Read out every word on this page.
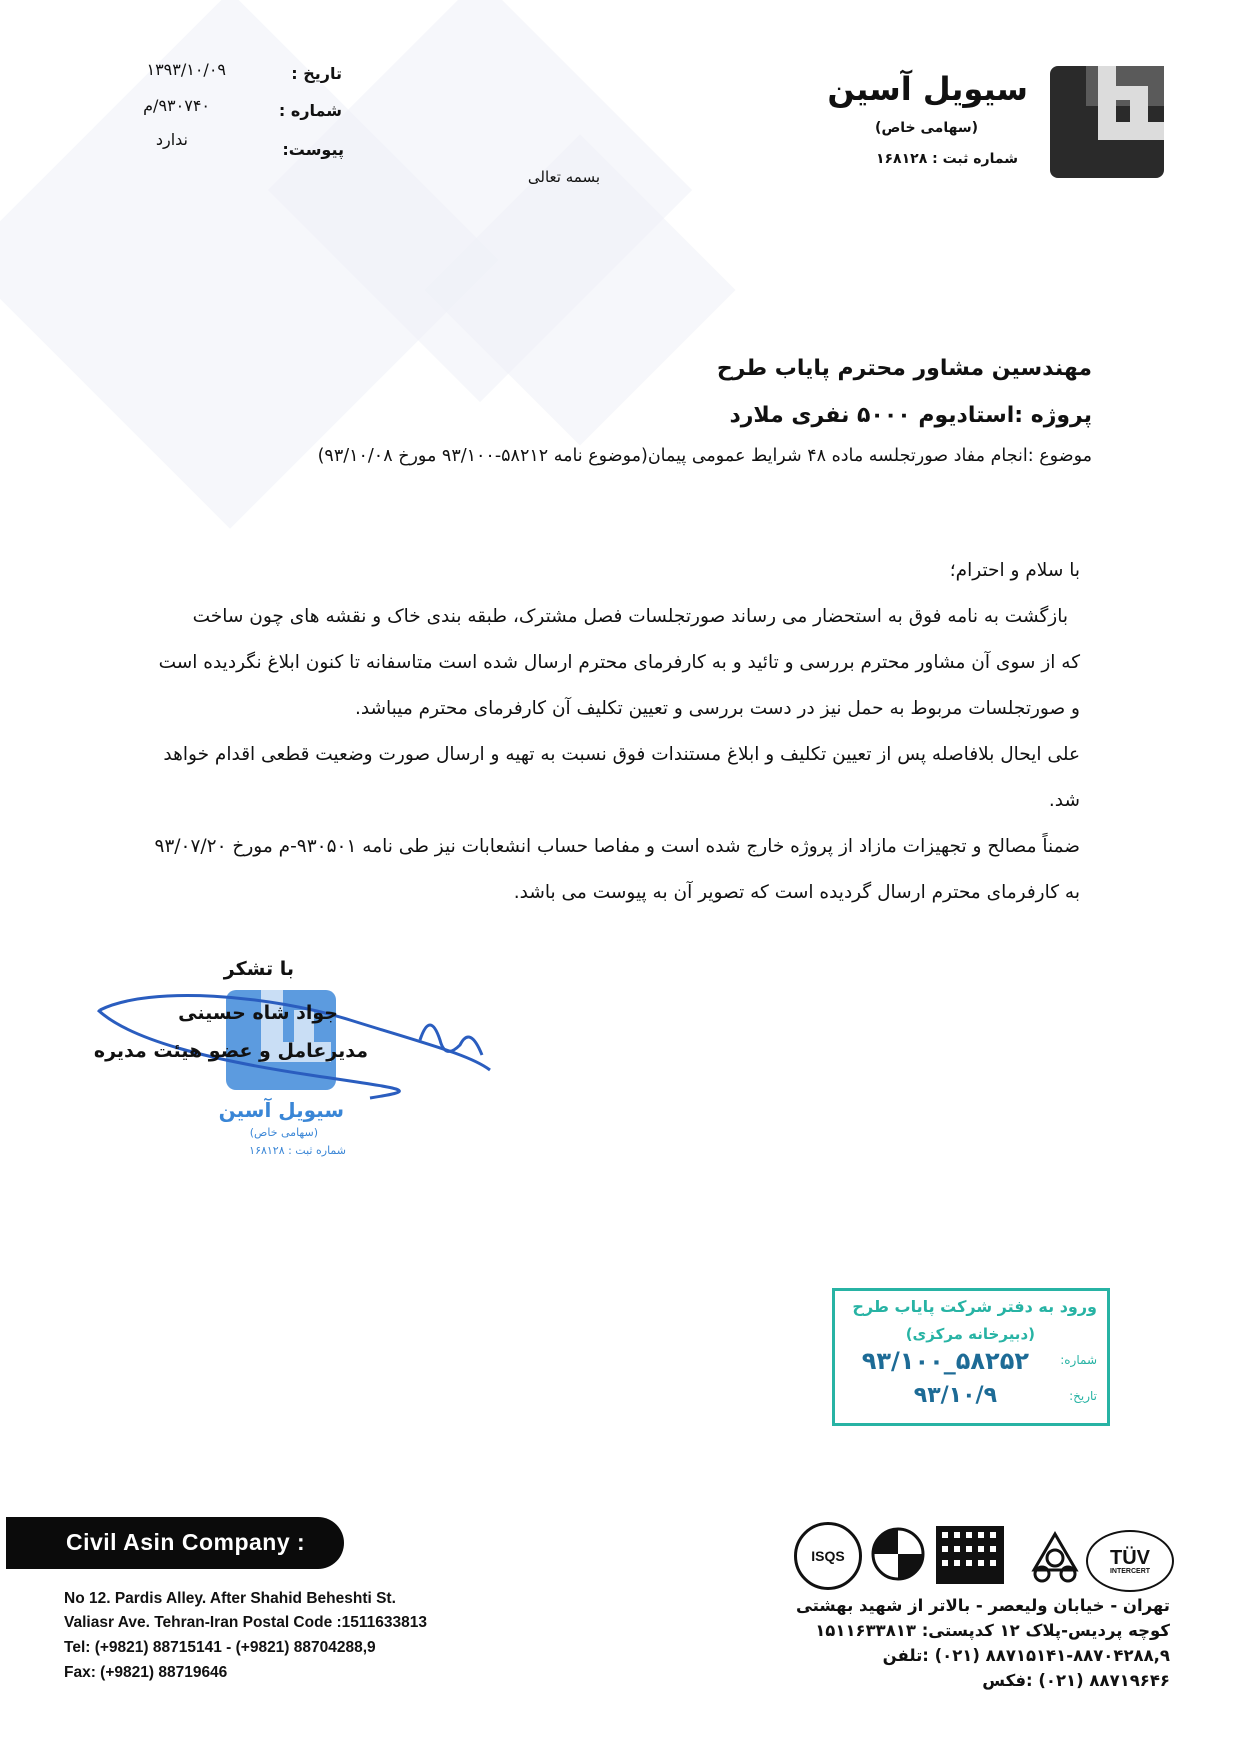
سیویل آسین
(سهامی خاص)
شماره ثبت : ۱۶۸۱۲۸
تاریخ :
شماره :
پیوست:
۱۳۹۳/۱۰/۰۹
۹۳۰۷۴۰/م
ندارد
بسمه تعالی
مهندسین مشاور محترم پایاب طرح
پروژه :استادیوم ۵۰۰۰ نفری ملارد
موضوع :انجام مفاد صورتجلسه ماده ۴۸ شرایط عمومی پیمان(موضوع نامه ۵۸۲۱۲-۹۳/۱۰۰ مورخ ۹۳/۱۰/۰۸)
با سلام و احترام؛
بازگشت به نامه فوق به استحضار می رساند صورتجلسات فصل مشترک، طبقه بندی خاک و نقشه های چون ساخت
که از سوی آن مشاور محترم بررسی و تائید و به کارفرمای محترم ارسال شده است متاسفانه تا کنون ابلاغ نگردیده است
و صورتجلسات مربوط به حمل نیز در دست بررسی و تعیین تکلیف آن کارفرمای محترم میباشد.
علی ایحال بلافاصله پس از تعیین تکلیف و ابلاغ مستندات فوق نسبت به تهیه و ارسال صورت وضعیت قطعی اقدام خواهد
شد.
ضمناً مصالح و تجهیزات مازاد از پروژه خارج شده است و مفاصا حساب انشعابات نیز طی نامه ۹۳۰۵۰۱-م مورخ ۹۳/۰۷/۲۰
به کارفرمای محترم ارسال گردیده است که تصویر آن به پیوست می باشد.
سیویل آسین
(سهامی خاص)
شماره ثبت : ۱۶۸۱۲۸
با تشکر
جواد شاه حسینی
مدیرعامل و عضو هیئت مدیره
ورود به دفتر شرکت پایاب طرح
(دبیرخانه مرکزی)
شماره:
۵۸۲۵۲_۹۳/۱۰۰
تاریخ:
۹۳/۱۰/۹
Civil Asin Company :
No 12. Pardis Alley. After Shahid Beheshti St.
Valiasr Ave. Tehran-Iran Postal Code :1511633813
Tel: (+9821) 88715141 - (+9821) 88704288,9
Fax: (+9821) 88719646
TÜV
INTERCERT
ISQS
تهران - خیابان ولیعصر - بالاتر از شهید بهشتی
کوچه پردیس-پلاک ۱۲ کدپستی: ۱۵۱۱۶۳۳۸۱۳
۸۸۷۱۵۱۴۱-۸۸۷۰۴۲۸۸,۹ (۰۲۱) :تلفن
۸۸۷۱۹۶۴۶ (۰۲۱) :فکس
